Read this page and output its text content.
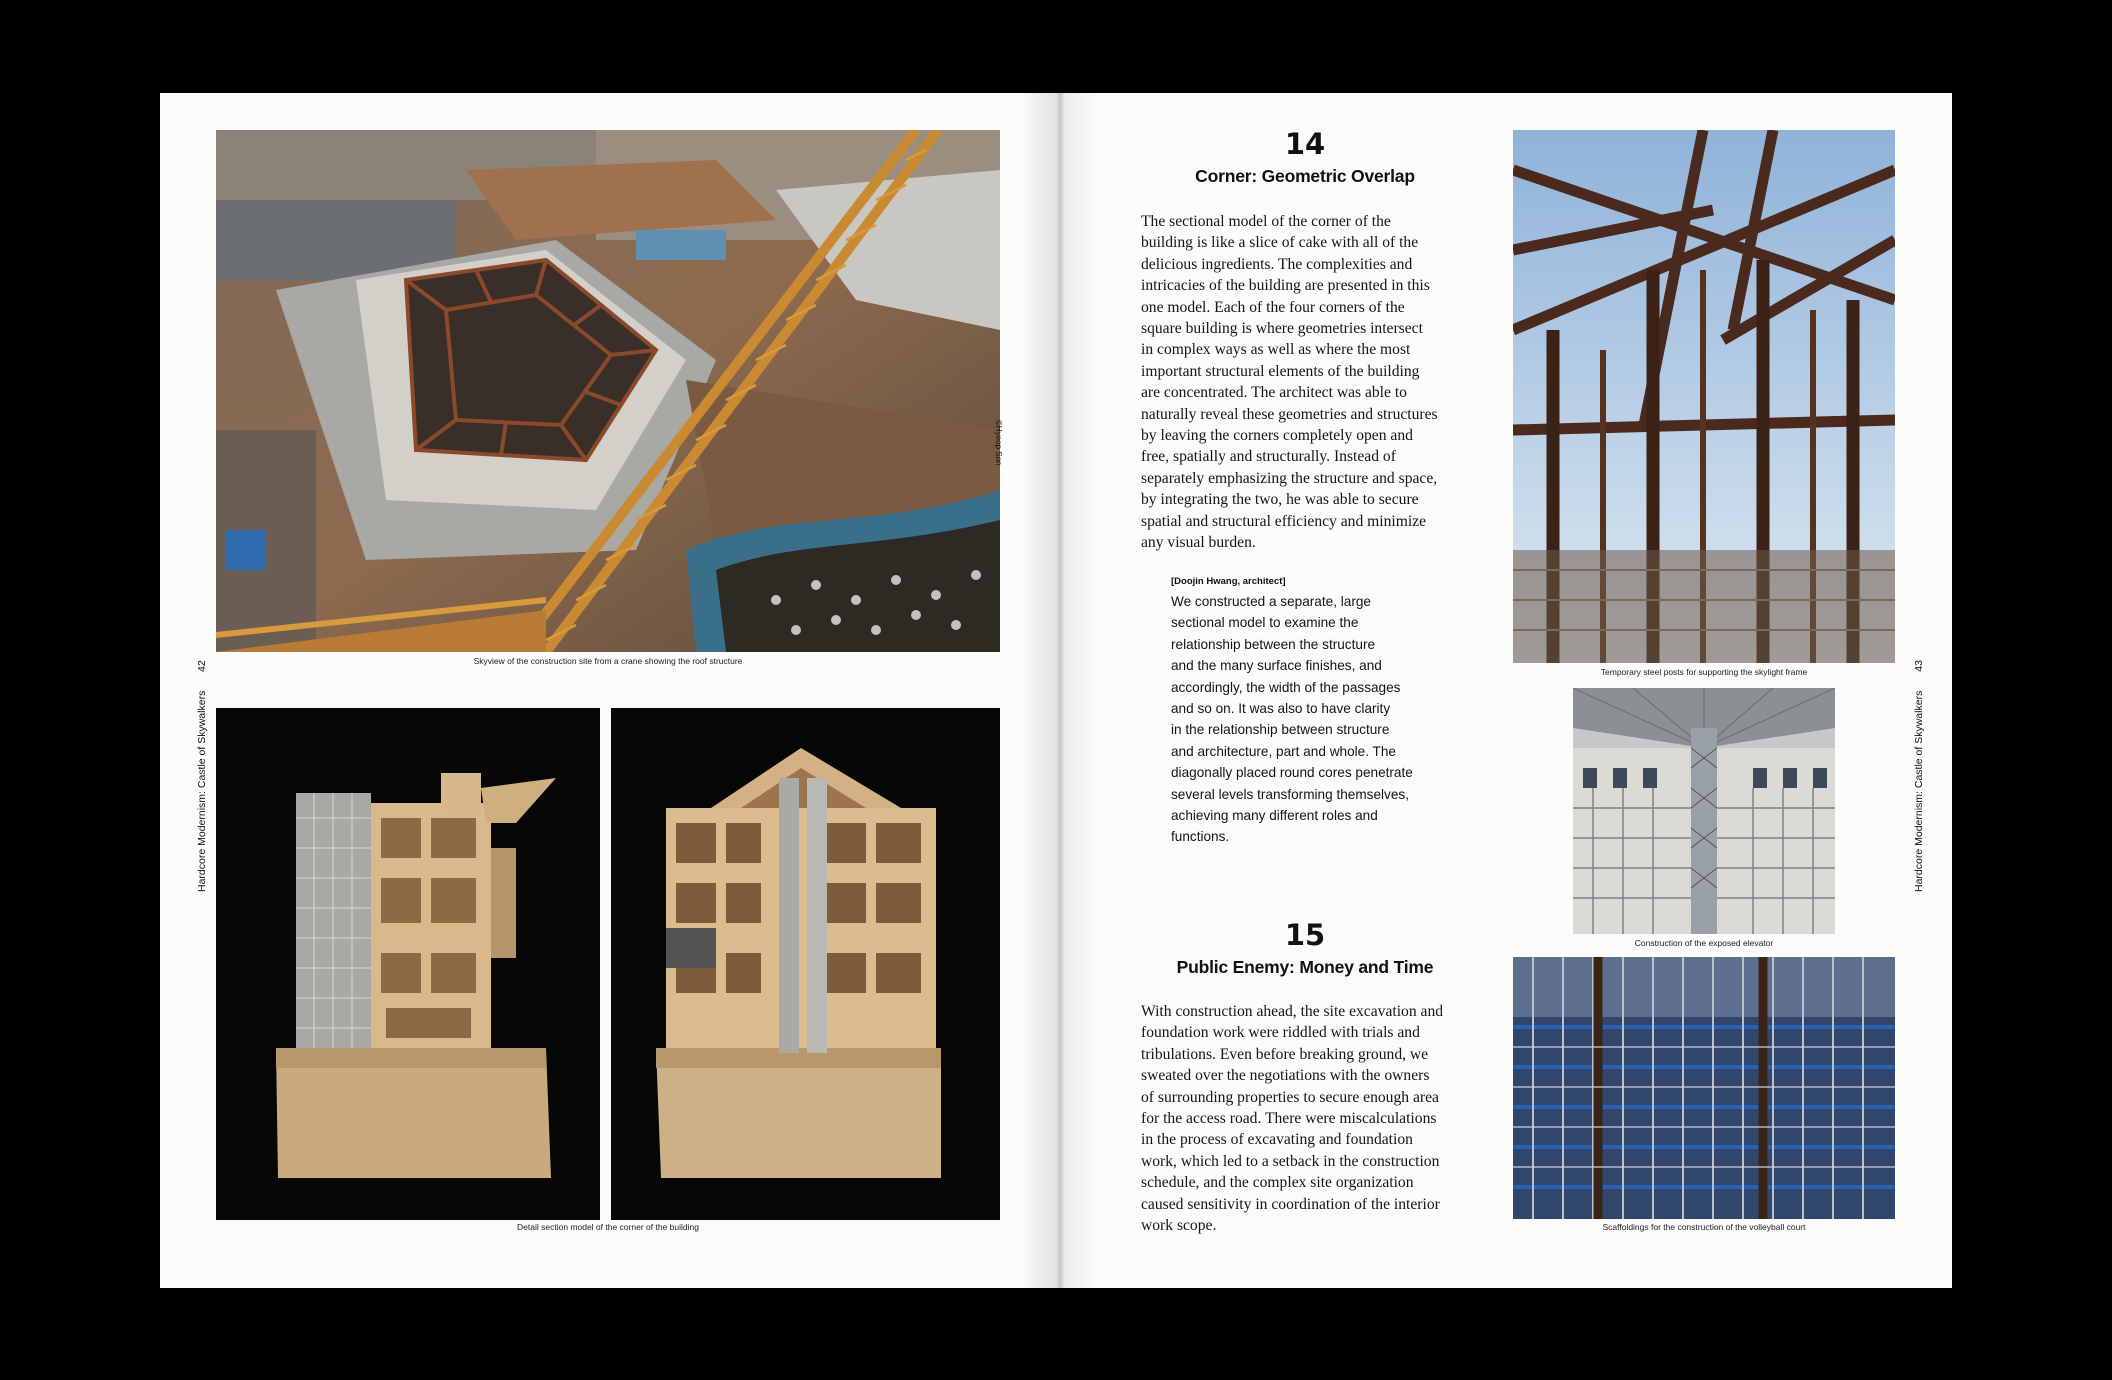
©Hyeop Son
Skyview of the construction site from a crane showing the roof structure
Detail section model of the corner of the building
42
Hardcore Modernism: Castle of Skywalkers
14
Corner: Geometric Overlap
The sectional model of the corner of the
building is like a slice of cake with all of the
delicious ingredients. The complexities and
intricacies of the building are presented in this
one model. Each of the four corners of the
square building is where geometries intersect
in complex ways as well as where the most
important structural elements of the building
are concentrated. The architect was able to
naturally reveal these geometries and structures
by leaving the corners completely open and
free, spatially and structurally. Instead of
separately emphasizing the structure and space,
by integrating the two, he was able to secure
spatial and structural efficiency and minimize
any visual burden.
[Doojin Hwang, architect]
We constructed a separate, large
sectional model to examine the
relationship between the structure
and the many surface finishes, and
accordingly, the width of the passages
and so on. It was also to have clarity
in the relationship between structure
and architecture, part and whole. The
diagonally placed round cores penetrate
several levels transforming themselves,
achieving many different roles and
functions.
15
Public Enemy: Money and Time
With construction ahead, the site excavation and
foundation work were riddled with trials and
tribulations. Even before breaking ground, we
sweated over the negotiations with the owners
of surrounding properties to secure enough area
for the access road. There were miscalculations
in the process of excavating and foundation
work, which led to a setback in the construction
schedule, and the complex site organization
caused sensitivity in coordination of the interior
work scope.
Temporary steel posts for supporting the skylight frame
Construction of the exposed elevator
Scaffoldings for the construction of the volleyball court
43
Hardcore Modernism: Castle of Skywalkers
